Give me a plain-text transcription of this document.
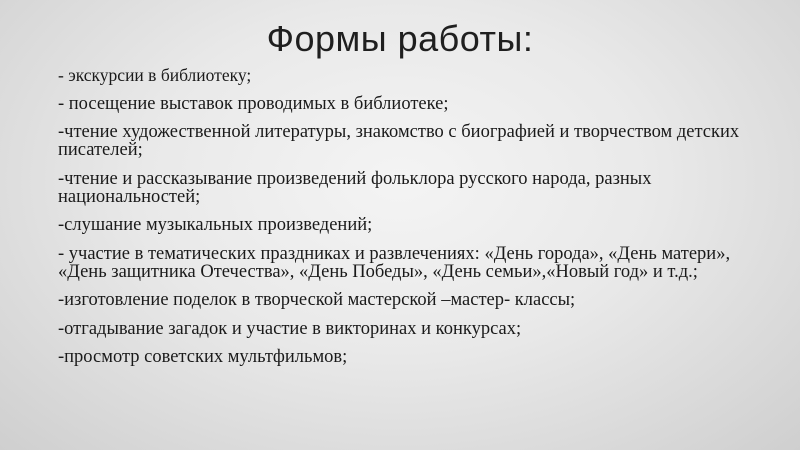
Формы работы:
- экскурсии в библиотеку;
- посещение выставок проводимых в библиотеке;
-чтение художественной литературы, знакомство с биографией и творчеством детских писателей;
-чтение и рассказывание произведений фольклора русского народа, разных национальностей;
-слушание музыкальных произведений;
- участие в тематических праздниках и развлечениях: «День города», «День матери», «День защитника Отечества», «День Победы», «День семьи»,«Новый год» и т.д.;
-изготовление поделок в творческой мастерской –мастер- классы;
-отгадывание загадок и участие в викторинах и конкурсах;
-просмотр советских мультфильмов;
